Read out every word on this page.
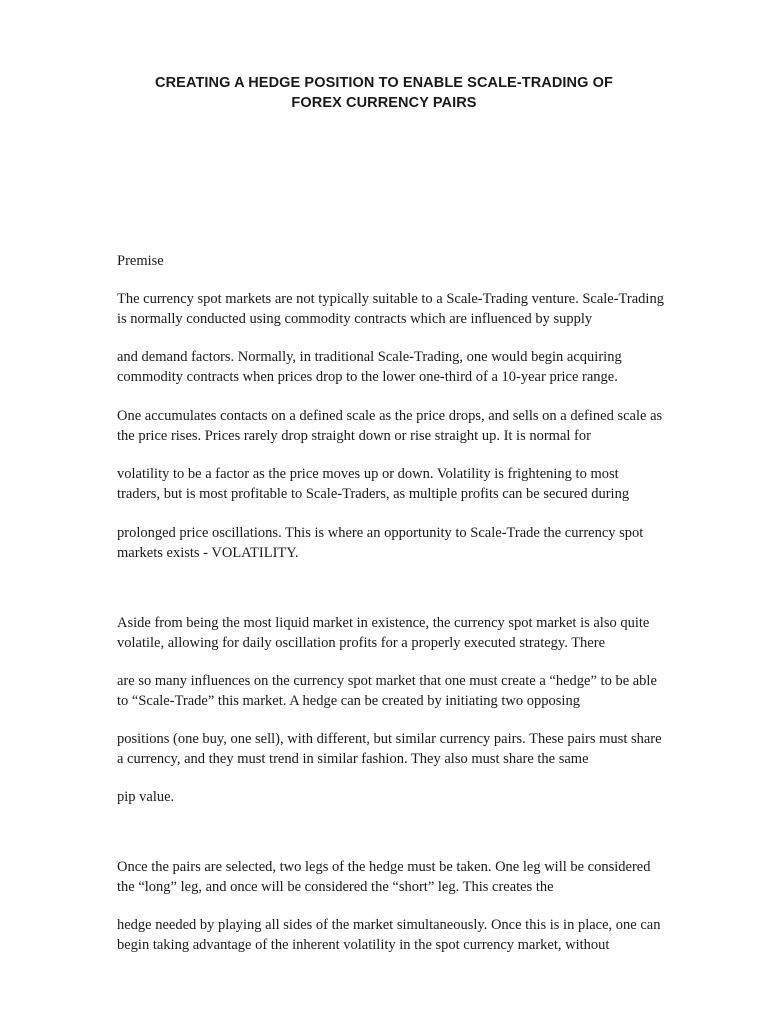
CREATING A HEDGE POSITION TO ENABLE SCALE-TRADING OF
FOREX CURRENCY PAIRS

Premise

The currency spot markets are not typically suitable to a Scale-Trading venture. Scale-Trading
is normally conducted using commodity contracts which are influenced by supply

and demand factors. Normally, in traditional Scale-Trading, one would begin acquiring
commodity contracts when prices drop to the lower one-third of a 10-year price range.

One accumulates contacts on a defined scale as the price drops, and sells on a defined scale as
the price rises. Prices rarely drop straight down or rise straight up. It is normal for

volatility to be a factor as the price moves up or down. Volatility is frightening to most
traders, but is most profitable to Scale-Traders, as multiple profits can be secured during

prolonged price oscillations. This is where an opportunity to Scale-Trade the currency spot
markets exists - VOLATILITY.

Aside from being the most liquid market in existence, the currency spot market is also quite
volatile, allowing for daily oscillation profits for a properly executed strategy. There

are so many influences on the currency spot market that one must create a “hedge” to be able
to “Scale-Trade” this market. A hedge can be created by initiating two opposing

positions (one buy, one sell), with different, but similar currency pairs. These pairs must share
a currency, and they must trend in similar fashion. They also must share the same

pip value.

Once the pairs are selected, two legs of the hedge must be taken. One leg will be considered
the “long” leg, and once will be considered the “short” leg. This creates the

hedge needed by playing all sides of the market simultaneously. Once this is in place, one can
begin taking advantage of the inherent volatility in the spot currency market, without
